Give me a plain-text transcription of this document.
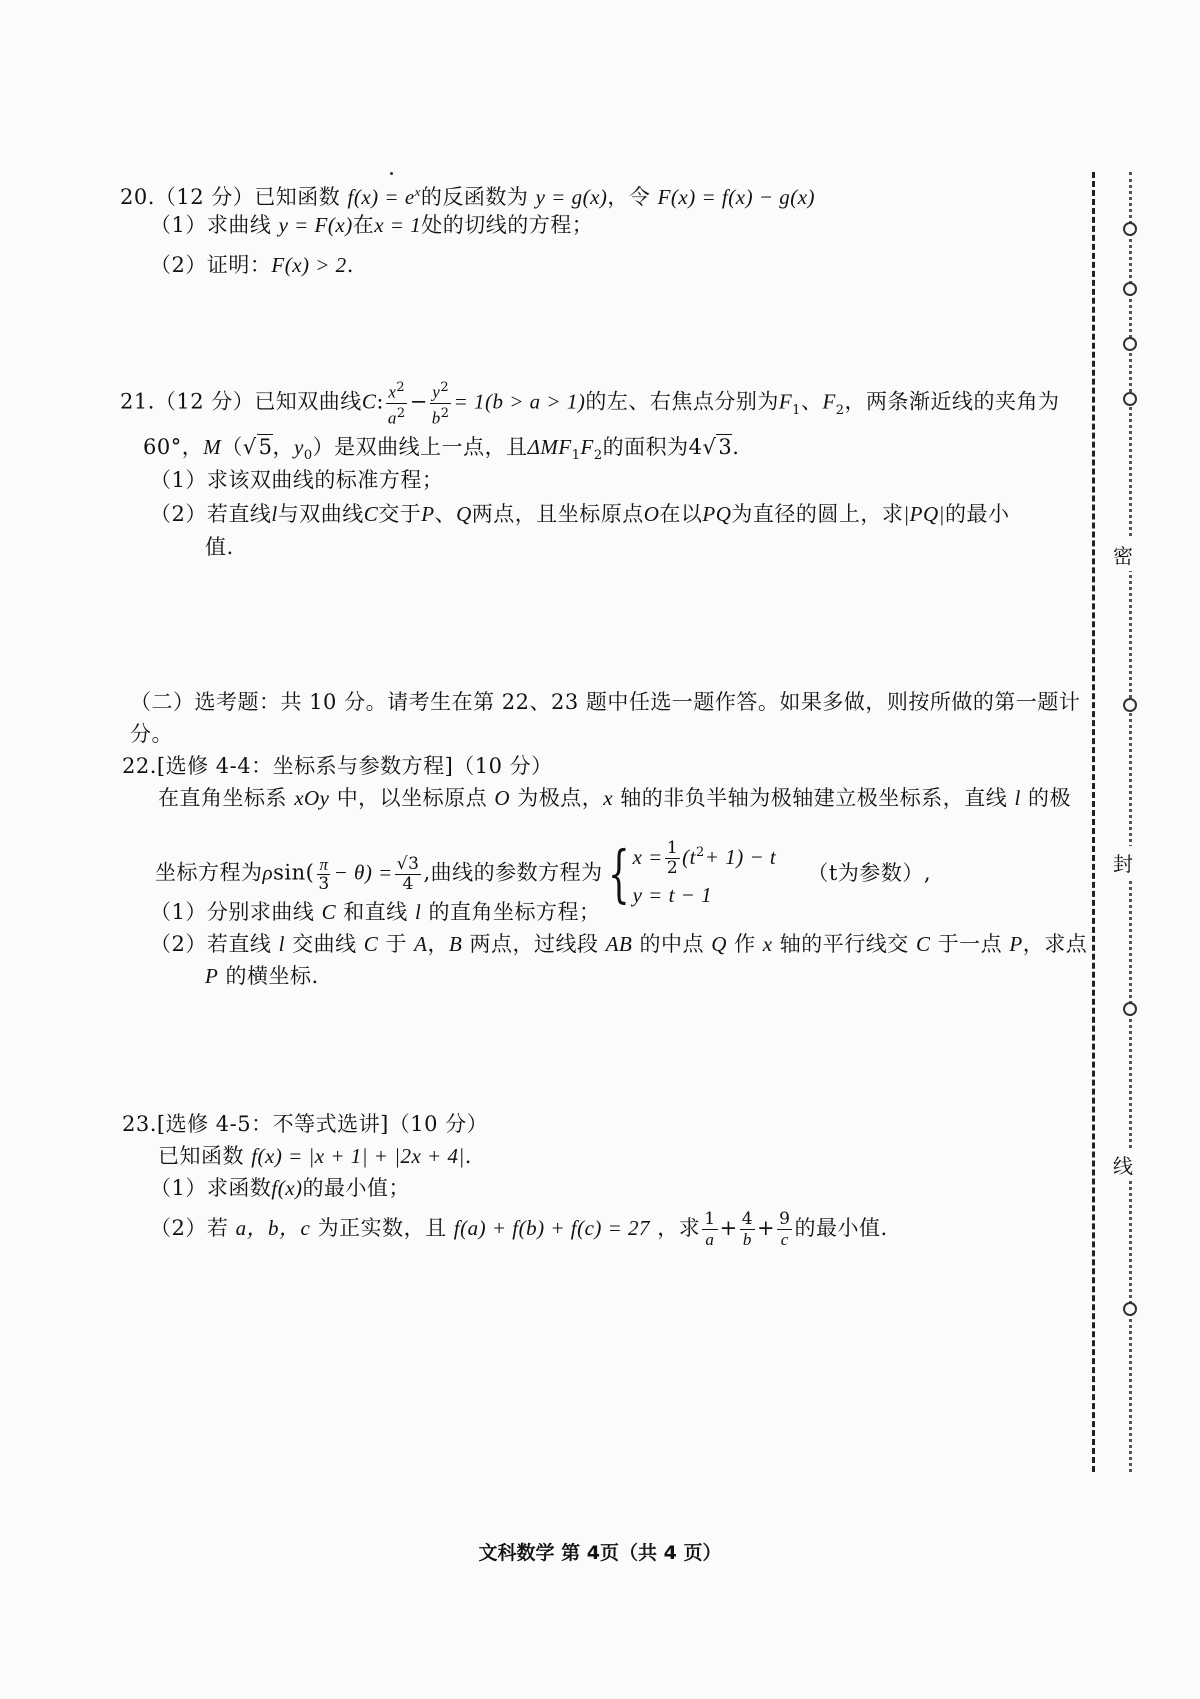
20.（12 分）已知函数 $f(x) = e^x$的反函数为 y = g(x)，令 F(x) = f(x) − g(x)
（1）求曲线 y = F(x)在x = 1处的切线的方程；
（2）证明：F(x) > 2.
21.（12 分）已知双曲线C: $\frac{x^2}{a^2} - \frac{y^2}{b^2} = 1(b > a > 1)$的左、右焦点分别为$F_1$、$F_2$，两条渐近线的夹角为
60°，M（√5，$y_0$）是双曲线上一点，且$\Delta MF_1F_2$的面积为4√3.
（1）求该双曲线的标准方程；
（2）若直线l与双曲线C交于P、Q两点，且坐标原点O在以PQ为直径的圆上，求|PQ|的最小
值.
（二）选考题：共 10 分。请考生在第 22、23 题中任选一题作答。如果多做，则按所做的第一题计
分。
22.[选修 4-4：坐标系与参数方程]（10 分）
在直角坐标系 xOy 中，以坐标原点 O 为极点，x 轴的非负半轴为极轴建立极坐标系，直线 l 的极
坐标方程为$\rho\sin( \frac{\pi}{3} - \theta) = \frac{√3}{4}$ ,曲线的参数方程为{ $x = \frac{1}{2} (t^2+ 1) - t$
y = t − 1
（t为参数）,
（1）分别求曲线 C 和直线 l 的直角坐标方程；
（2）若直线 l 交曲线 C 于 A，B 两点，过线段 AB 的中点 Q 作 x 轴的平行线交 C 于一点 P，求点
P 的横坐标.
23.[选修 4-5：不等式选讲]（10 分）
已知函数 f(x) = |x + 1| + |2x + 4|.
（1）求函数f(x)的最小值；
（2）若 a，b，c 为正实数，且 f(a) + f(b) + f(c) = 27 ，求 $\frac{1}{a} + \frac{4}{b} + \frac{9}{c}$ 的最小值.
密
封
线
文科数学 第 4页（共 4 页）
